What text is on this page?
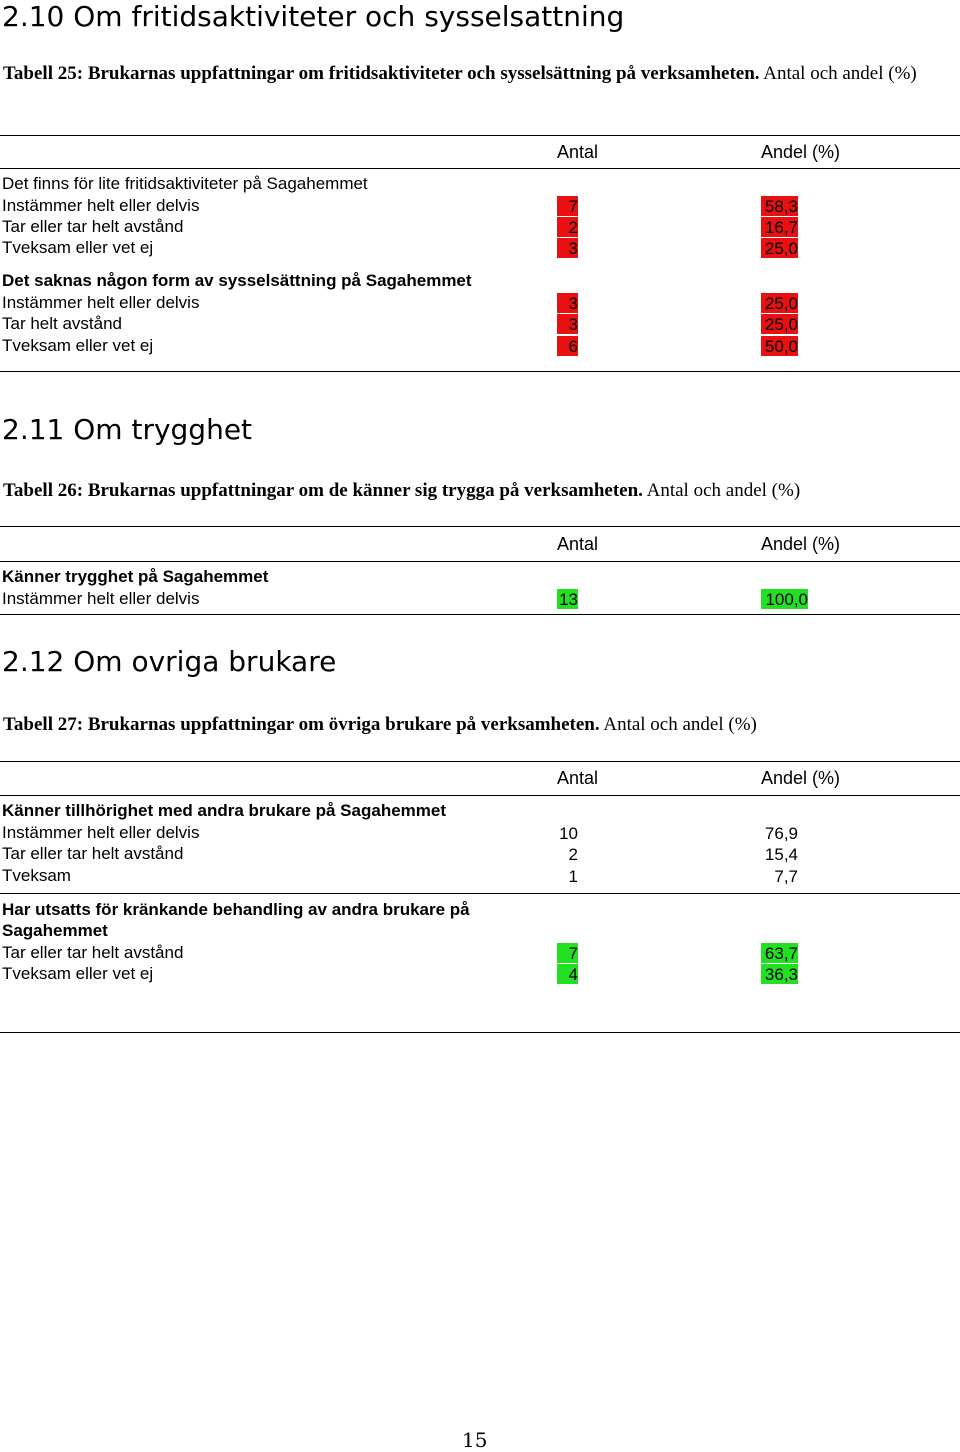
2.10 Om fritidsaktiviteter och sysselsattning
Tabell 25: Brukarnas uppfattningar om fritidsaktiviteter och sysselsättning på verksamheten. Antal och andel (%)
Antal	Andel (%)
Det finns för lite fritidsaktiviteter på Sagahemmet
Instämmer helt eller delvis	7	58,3
Tar eller tar helt avstånd	2	16,7
Tveksam eller vet ej	3	25,0
Det saknas någon form av sysselsättning på Sagahemmet
Instämmer helt eller delvis	3	25,0
Tar helt avstånd	3	25,0
Tveksam eller vet ej	6	50,0
2.11 Om trygghet
Tabell 26: Brukarnas uppfattningar om de känner sig trygga på verksamheten. Antal och andel (%)
Antal	Andel (%)
Känner trygghet på Sagahemmet
Instämmer helt eller delvis	13	100,0
2.12 Om ovriga brukare
Tabell 27: Brukarnas uppfattningar om övriga brukare på verksamheten. Antal och andel (%)
Antal	Andel (%)
Känner tillhörighet med andra brukare på Sagahemmet
Instämmer helt eller delvis	10	76,9
Tar eller tar helt avstånd	2	15,4
Tveksam	1	7,7
Har utsatts för kränkande behandling av andra brukare på
Sagahemmet
Tar eller tar helt avstånd	7	63,7
Tveksam eller vet ej	4	36,3
15
